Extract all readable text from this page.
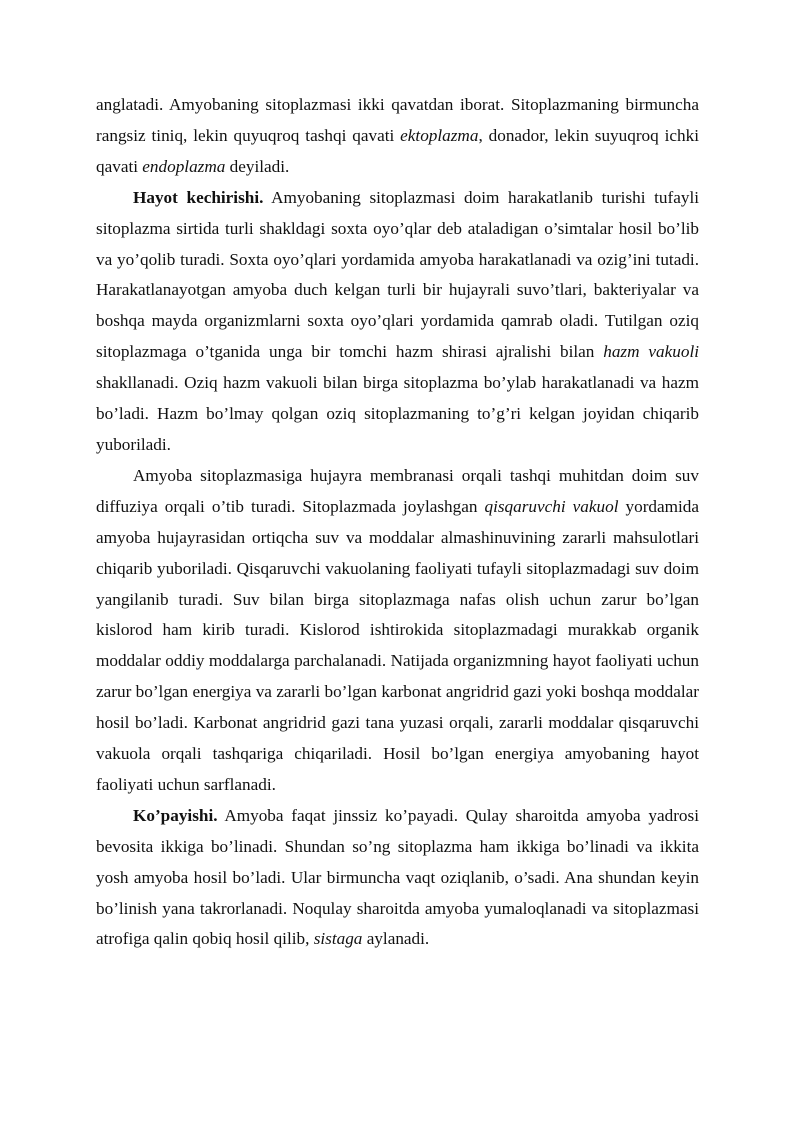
anglatadi. Amyobaning sitoplazmasi ikki qavatdan iborat. Sitoplazmaning birmuncha rangsiz tiniq, lekin quyuqroq tashqi qavati ektoplazma, donador, lekin suyuqroq ichki qavati endoplazma deyiladi.

Hayot kechirishi. Amyobaning sitoplazmasi doim harakatlanib turishi tufayli sitoplazma sirtida turli shakldagi soxta oyo’qlar deb ataladigan o’simtalar hosil bo’lib va yo’qolib turadi. Soxta oyo’qlari yordamida amyoba harakatlanadi va ozig’ini tutadi. Harakatlanayotgan amyoba duch kelgan turli bir hujayrali suvo’tlari, bakteriyalar va boshqa mayda organizmlarni soxta oyo’qlari yordamida qamrab oladi. Tutilgan oziq sitoplazmaga o’tganida unga bir tomchi hazm shirasi ajralishi bilan hazm vakuoli shakllanadi. Oziq hazm vakuoli bilan birga sitoplazma bo’ylab harakatlanadi va hazm bo’ladi. Hazm bo’lmay qolgan oziq sitoplazmaning to’g’ri kelgan joyidan chiqarib yuboriladi.

Amyoba sitoplazmasiga hujayra membranasi orqali tashqi muhitdan doim suv diffuziya orqali o’tib turadi. Sitoplazmada joylashgan qisqaruvchi vakuol yordamida amyoba hujayrasidan ortiqcha suv va moddalar almashinuvining zararli mahsulotlari chiqarib yuboriladi. Qisqaruvchi vakuolaning faoliyati tufayli sitoplazmadagi suv doim yangilanib turadi. Suv bilan birga sitoplazmaga nafas olish uchun zarur bo’lgan kislorod ham kirib turadi. Kislorod ishtirokida sitoplazmadagi murakkab organik moddalar oddiy moddalarga parchalanadi. Natijada organizmning hayot faoliyati uchun zarur bo’lgan energiya va zararli bo’lgan karbonat angridrid gazi yoki boshqa moddalar hosil bo’ladi. Karbonat angridrid gazi tana yuzasi orqali, zararli moddalar qisqaruvchi vakuola orqali tashqariga chiqariladi. Hosil bo’lgan energiya amyobaning hayot faoliyati uchun sarflanadi.

Ko’payishi. Amyoba faqat jinssiz ko’payadi. Qulay sharoitda amyoba yadrosi bevosita ikkiga bo’linadi. Shundan so’ng sitoplazma ham ikkiga bo’linadi va ikkita yosh amyoba hosil bo’ladi. Ular birmuncha vaqt oziqlanib, o’sadi. Ana shundan keyin bo’linish yana takrorlanadi. Noqulay sharoitda amyoba yumaloqlanadi va sitoplazmasi atrofiga qalin qobiq hosil qilib, sistaga aylanadi.
